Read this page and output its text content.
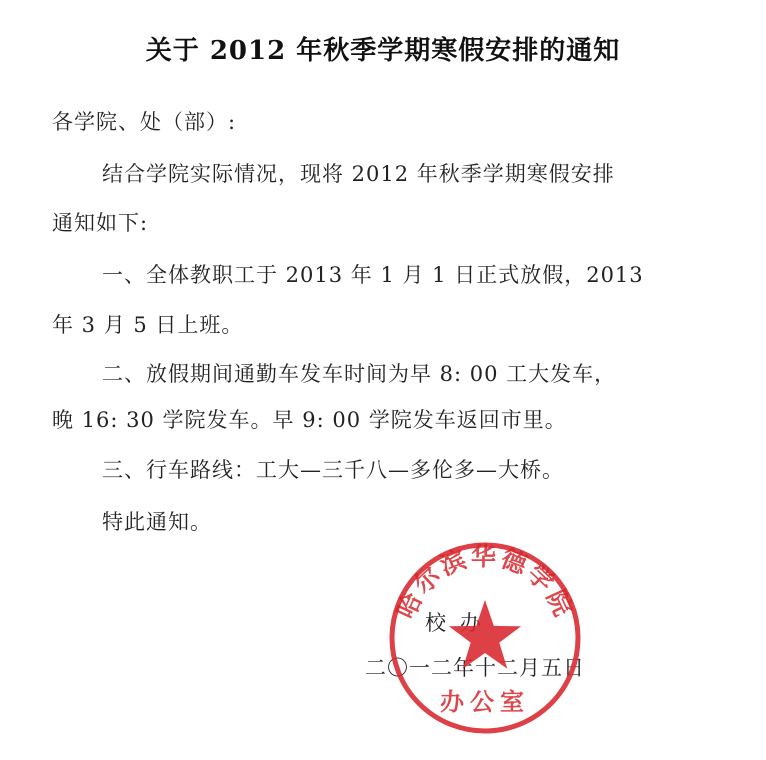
关于 2012 年秋季学期寒假安排的通知
各学院、处（部）:
结合学院实际情况，现将 2012 年秋季学期寒假安排
通知如下:
一、全体教职工于 2013 年 1 月 1 日正式放假，2013
年 3 月 5 日上班。
二、放假期间通勤车发车时间为早 8: 00 工大发车，
晚 16: 30 学院发车。早 9: 00 学院发车返回市里。
三、行车路线：工大—三千八—多伦多—大桥。
特此通知。
校办
二〇一二年十二月五日
哈尔滨华德学院
办公室
